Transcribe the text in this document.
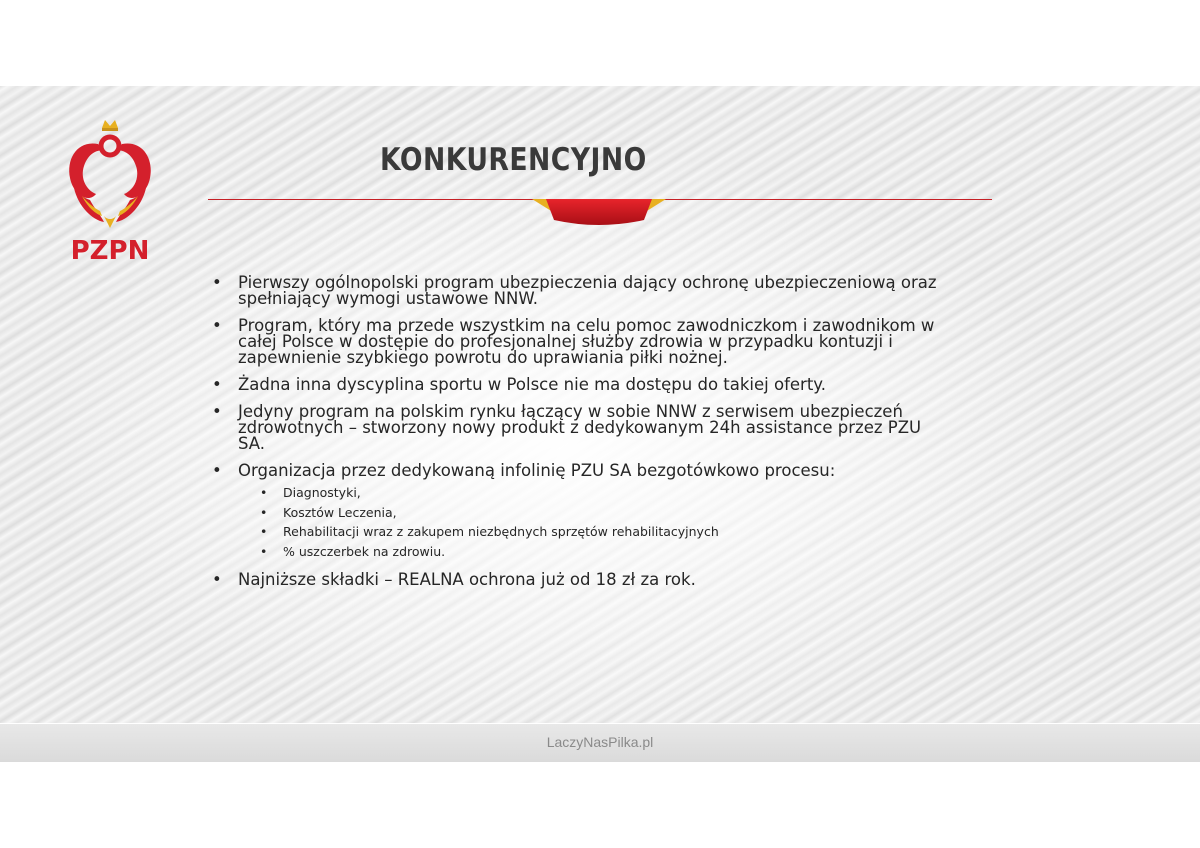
PZPN
KONKURENCYJNO
• Pierwszy ogólnopolski program ubezpieczenia dający ochronę ubezpieczeniową oraz spełniający wymogi ustawowe NNW.
• Program, który ma przede wszystkim na celu pomoc zawodniczkom i zawodnikom w całej Polsce w dostępie do profesjonalnej służby zdrowia w przypadku kontuzji i zapewnienie szybkiego powrotu do uprawiania piłki nożnej.
• Żadna inna dyscyplina sportu w Polsce nie ma dostępu do takiej oferty.
• Jedyny program na polskim rynku łączący w sobie NNW z serwisem ubezpieczeń zdrowotnych – stworzony nowy produkt z dedykowanym 24h assistance przez PZU SA.
• Organizacja przez dedykowaną infolinię PZU SA bezgotówkowo procesu:
• Diagnostyki,
• Kosztów Leczenia,
• Rehabilitacji wraz z zakupem niezbędnych sprzętów rehabilitacyjnych
• % uszczerbek na zdrowiu.
• Najniższe składki – REALNA ochrona już od 18 zł za rok.

LaczyNasPilka.pl
